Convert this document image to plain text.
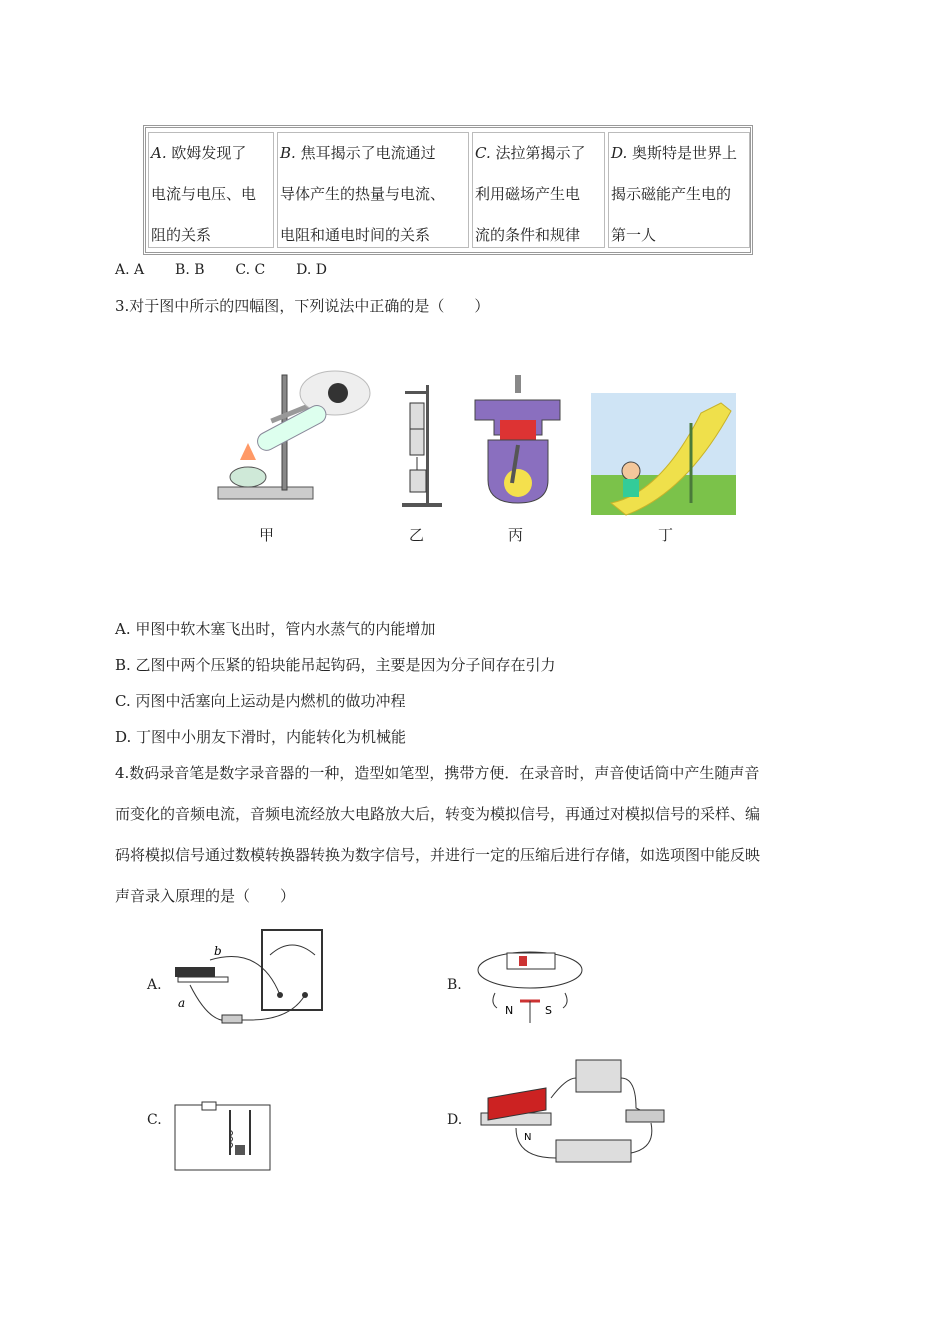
A. 欧姆发现了
电流与电压、电
阻的关系
B. 焦耳揭示了电流通过
导体产生的热量与电流、
电阻和通电时间的关系
C. 法拉第揭示了
利用磁场产生电
流的条件和规律
D. 奥斯特是世界上
揭示磁能产生电的
第一人
A. A B. B C. C D. D
3.对于图中所示的四幅图，下列说法中正确的是（　　）
甲	乙	丙	丁
A. 甲图中软木塞飞出时，管内水蒸气的内能增加
B. 乙图中两个压紧的铅块能吊起钩码，主要是因为分子间存在引力
C. 丙图中活塞向上运动是内燃机的做功冲程
D. 丁图中小朋友下滑时，内能转化为机械能
4.数码录音笔是数字录音器的一种，造型如笔型，携带方便．在录音时，声音使话筒中产生随声音
而变化的音频电流，音频电流经放大电路放大后，转变为模拟信号，再通过对模拟信号的采样、编
码将模拟信号通过数模转换器转换为数字信号，并进行一定的压缩后进行存储，如选项图中能反映
声音录入原理的是（　　）
A.
b
a
B.
N	S
C.	D.
N
